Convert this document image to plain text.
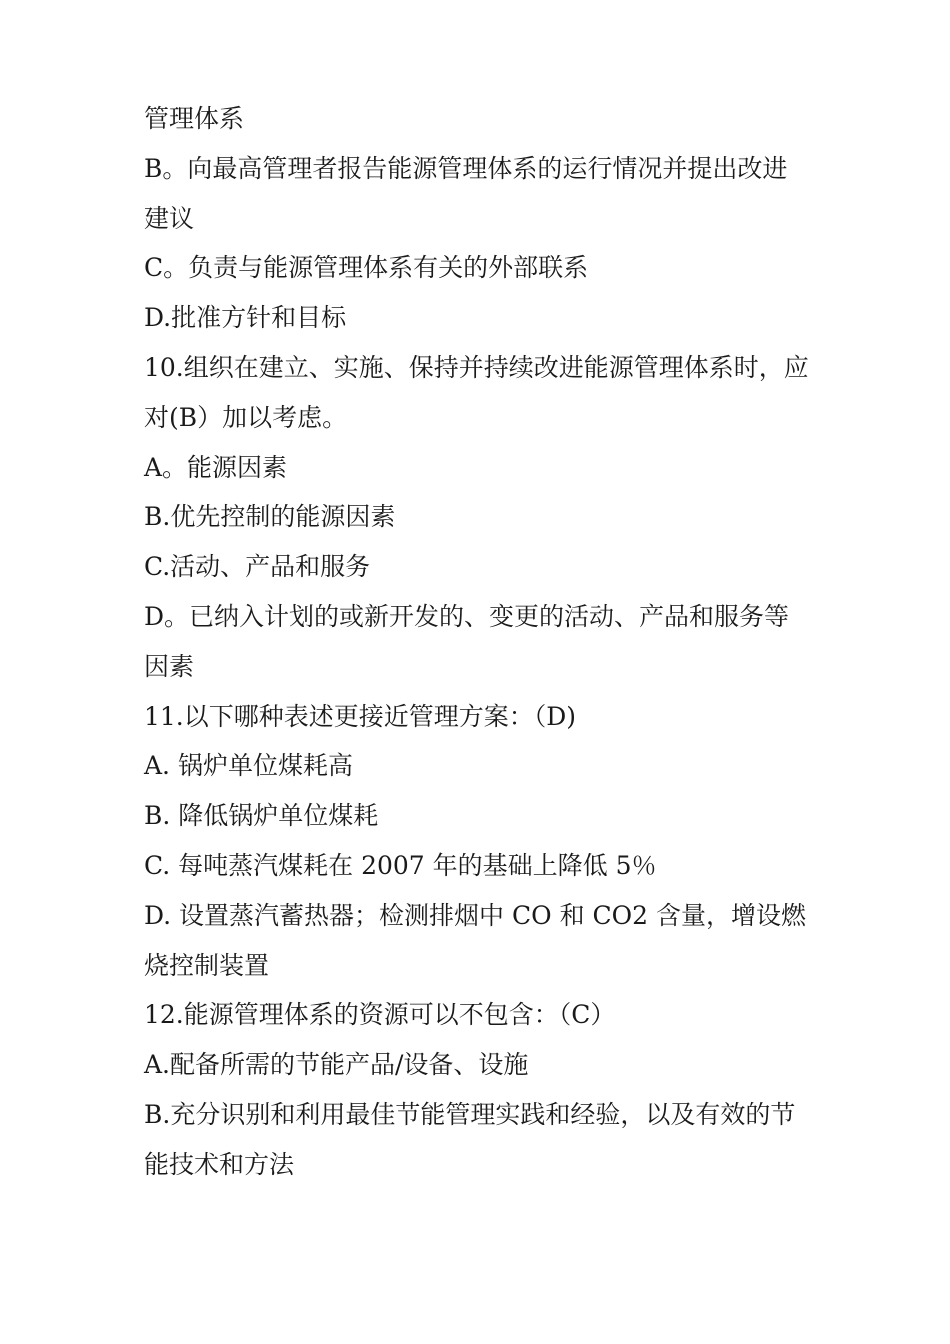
管理体系
B。向最高管理者报告能源管理体系的运行情况并提出改进
建议
C。负责与能源管理体系有关的外部联系
D.批准方针和目标
10.组织在建立、实施、保持并持续改进能源管理体系时，应
对(B）加以考虑。
A。能源因素
B.优先控制的能源因素
C.活动、产品和服务
D。已纳入计划的或新开发的、变更的活动、产品和服务等
因素
11.以下哪种表述更接近管理方案：（D)
A. 锅炉单位煤耗高
B. 降低锅炉单位煤耗
C. 每吨蒸汽煤耗在 2007 年的基础上降低 5％
D. 设置蒸汽蓄热器；检测排烟中 CO 和 CO2 含量，增设燃
烧控制装置
12.能源管理体系的资源可以不包含：（C）
A.配备所需的节能产品/设备、设施
B.充分识别和利用最佳节能管理实践和经验，以及有效的节
能技术和方法
